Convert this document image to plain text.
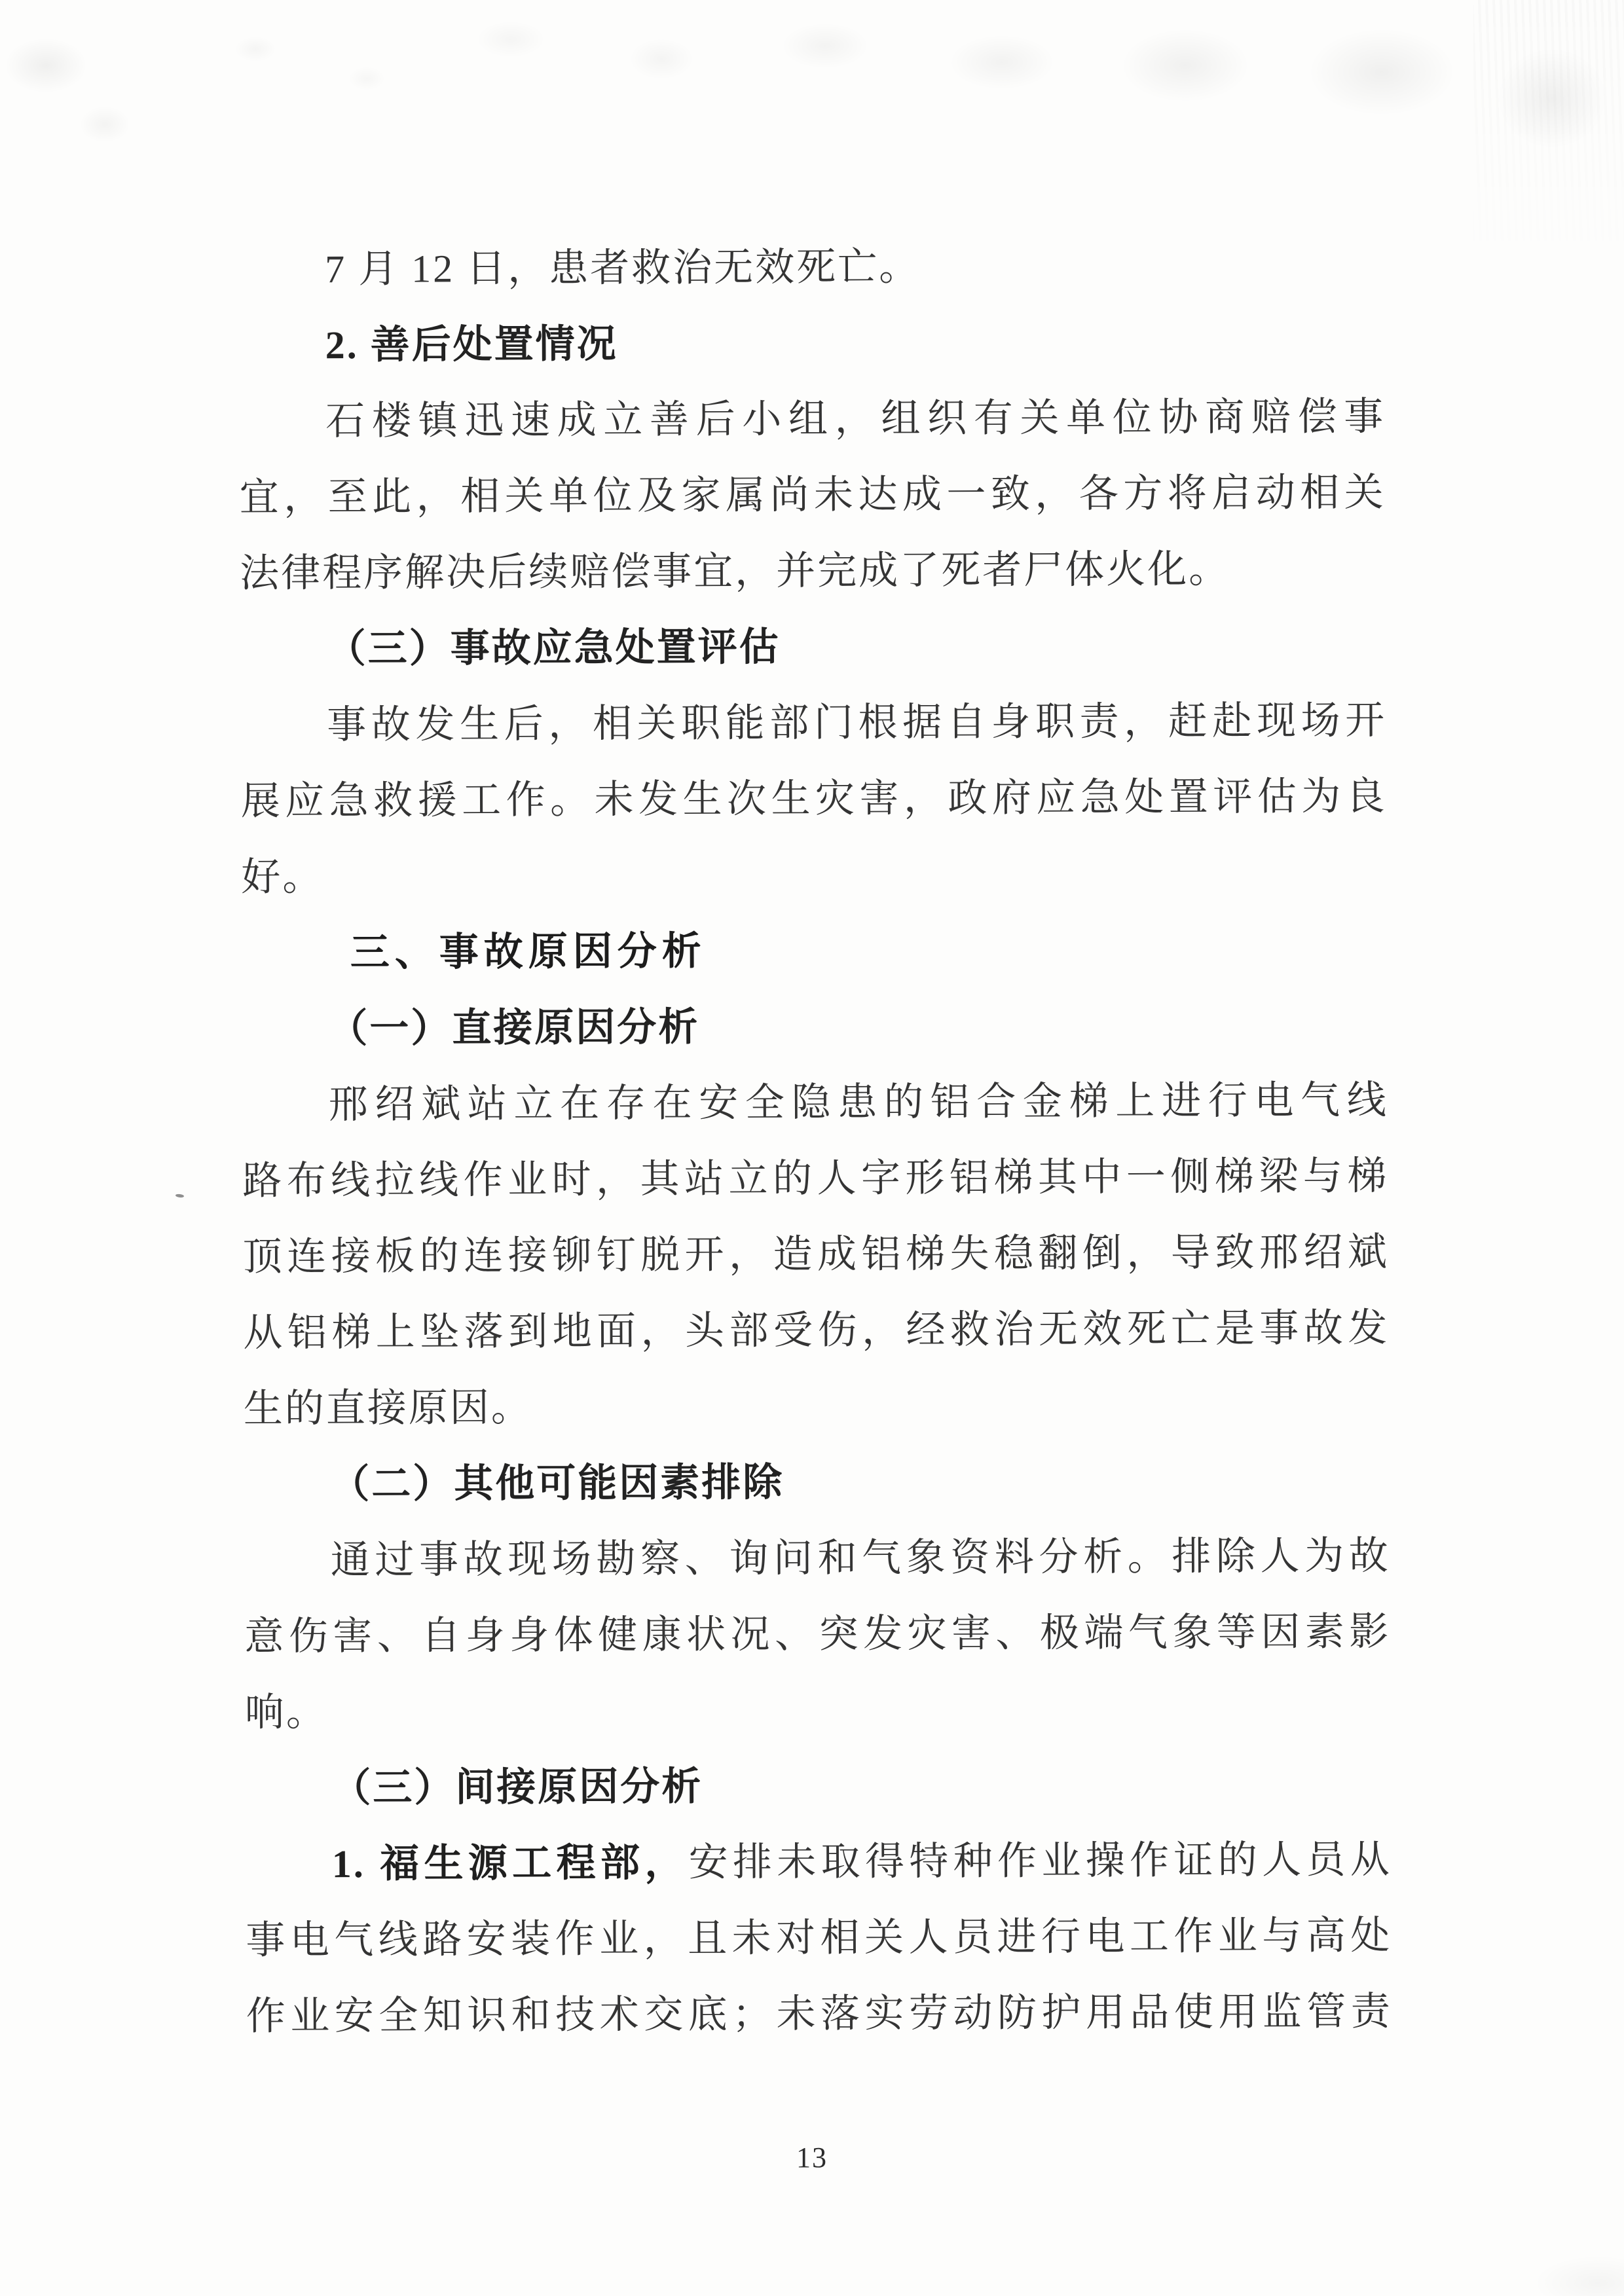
7 月 12 日，患者救治无效死亡。

2. 善后处置情况

石楼镇迅速成立善后小组，组织有关单位协商赔偿事

宜，至此，相关单位及家属尚未达成一致，各方将启动相关

法律程序解决后续赔偿事宜，并完成了死者尸体火化。

（三）事故应急处置评估

事故发生后，相关职能部门根据自身职责，赶赴现场开

展应急救援工作。未发生次生灾害，政府应急处置评估为良

好。

三、事故原因分析

（一）直接原因分析

邢绍斌站立在存在安全隐患的铝合金梯上进行电气线

路布线拉线作业时，其站立的人字形铝梯其中一侧梯梁与梯

顶连接板的连接铆钉脱开，造成铝梯失稳翻倒，导致邢绍斌

从铝梯上坠落到地面，头部受伤，经救治无效死亡是事故发

生的直接原因。

（二）其他可能因素排除

通过事故现场勘察、询问和气象资料分析。排除人为故

意伤害、自身身体健康状况、突发灾害、极端气象等因素影

响。

（三）间接原因分析

1. 福生源工程部，安排未取得特种作业操作证的人员从

事电气线路安装作业，且未对相关人员进行电工作业与高处

作业安全知识和技术交底；未落实劳动防护用品使用监管责

13
